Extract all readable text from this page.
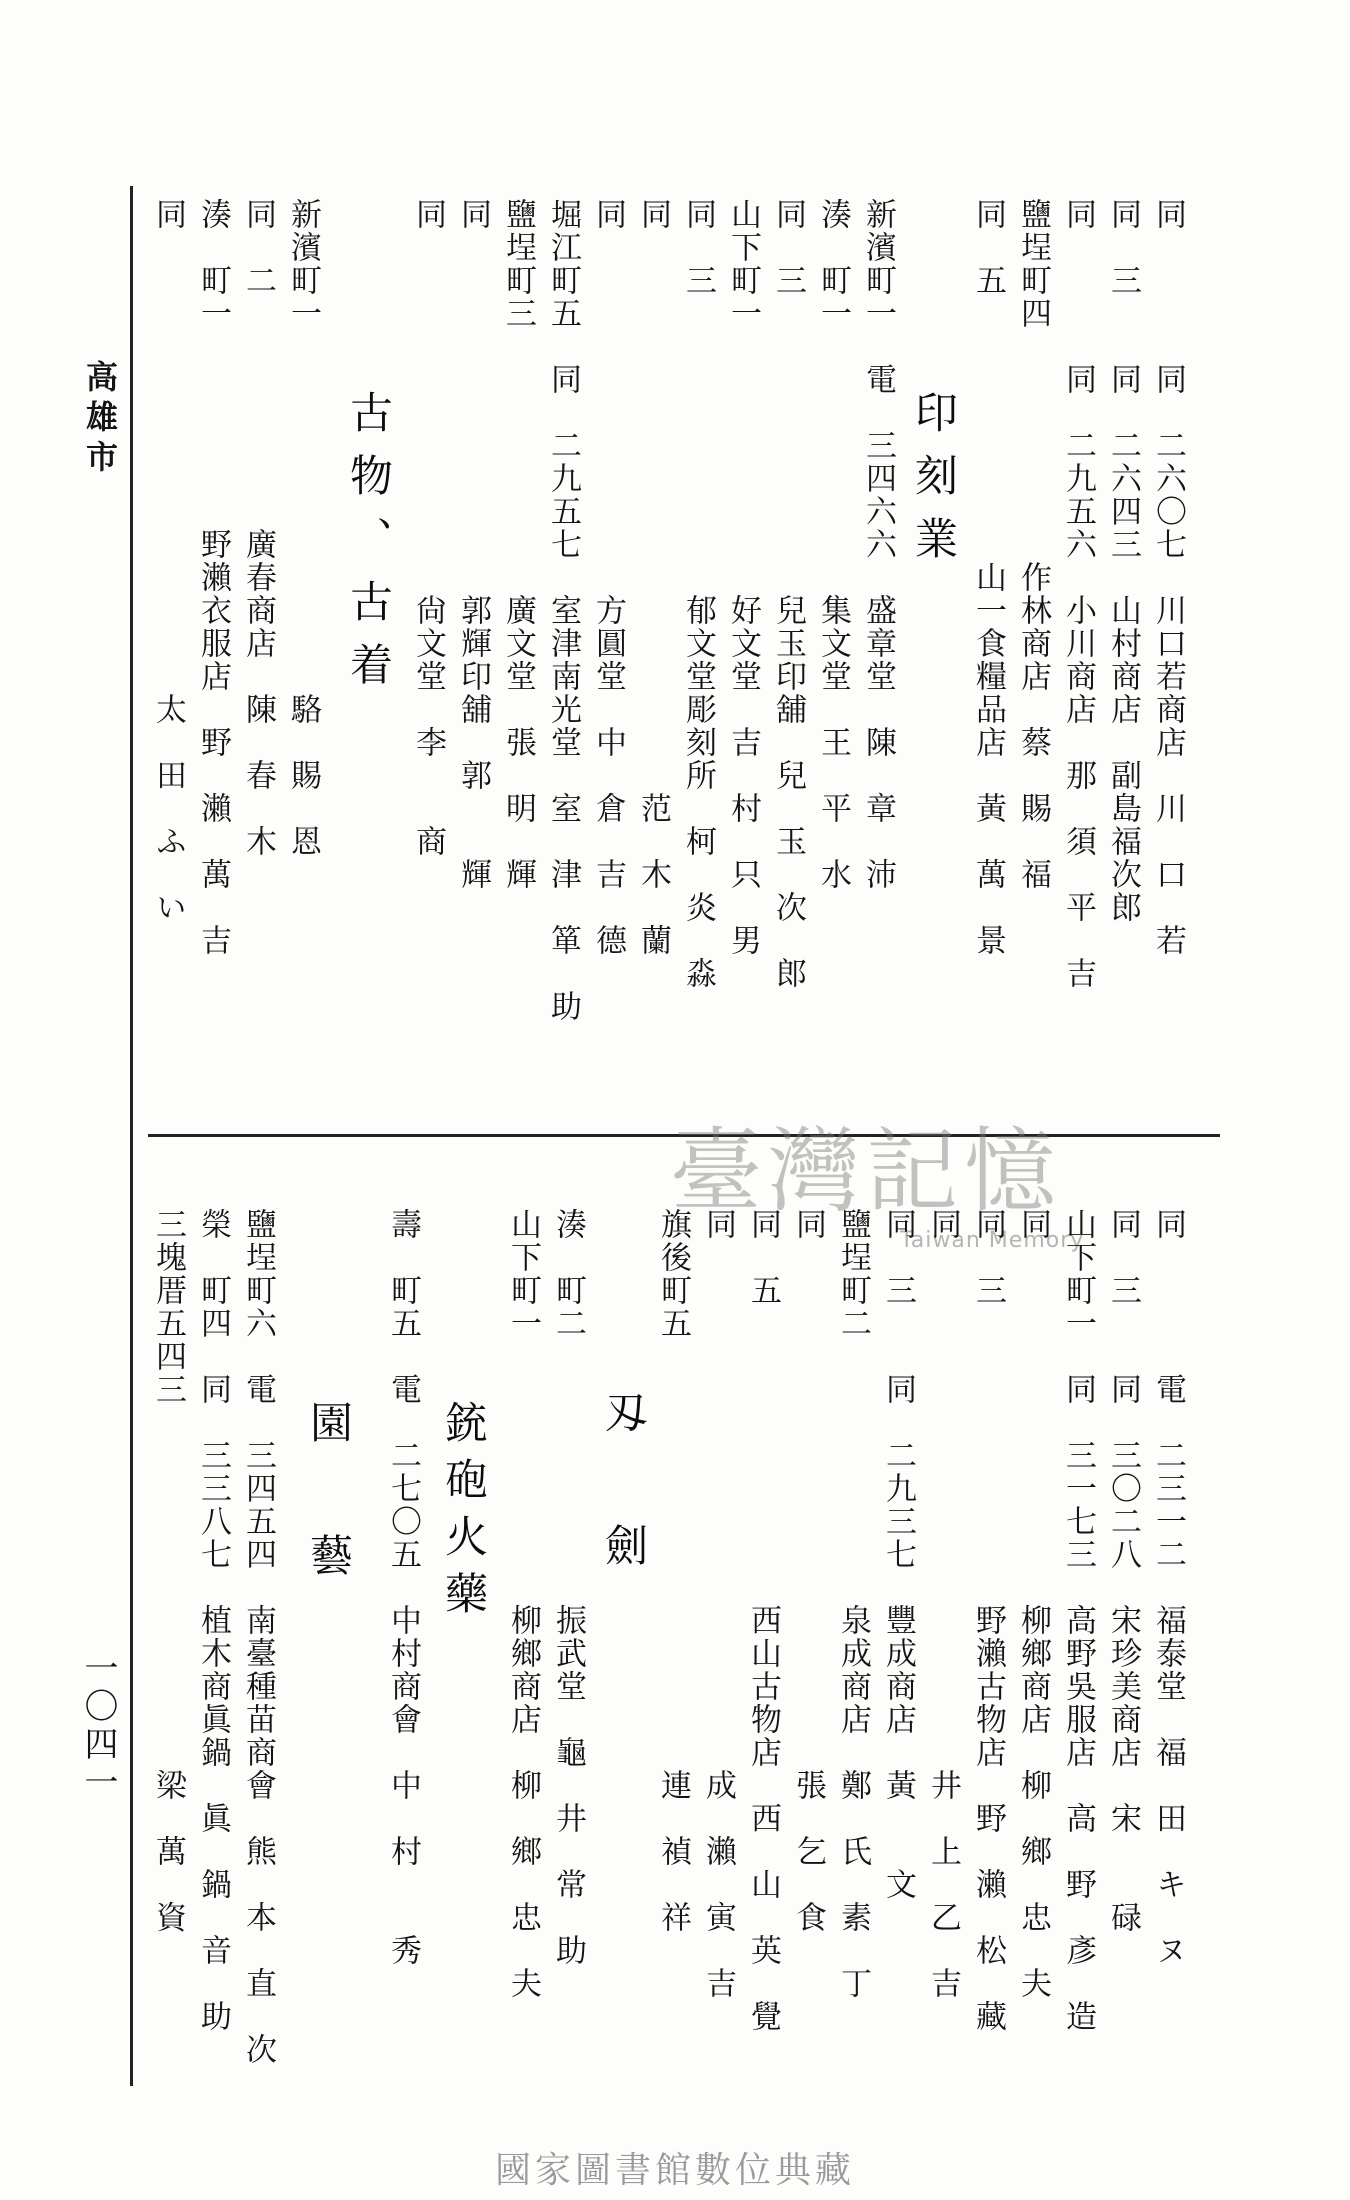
臺灣記憶
Taiwan Memory
高雄市
一〇四一
同　　　　同　二六〇七　川口若商店　川　口　若
同　三　　同　二六四三　山村商店　副島福次郎
同　　　　同　二九五六　小川商店　那　須　平　吉
鹽埕町四　　　　　　　作林商店　蔡　賜　福
同　五　　　　　　　　山一食糧品店　黃　萬　景
印刻業
新濱町一　電　三四六六　盛章堂　陳　章　沛
湊　町一　　　　　　　　集文堂　王　平　水
同　三　　　　　　　　　兒玉印舖　兒　玉　次　郎
山下町一　　　　　　　　好文堂　吉　村　只　男
同　三　　　　　　　　　郁文堂彫刻所　柯　炎　淼
同　　　　　　　　　　　　　　　　　范　木　蘭
同　　　　　　　　　　　方圓堂　中　倉　吉　德
堀江町五　同　二九五七　室津南光堂　室　津　箪　助
鹽埕町三　　　　　　　　廣文堂　張　明　輝
同　　　　　　　　　　　郭輝印舖　郭　　輝
同　　　　　　　　　　　尙文堂　李　　商
古物、古着
新濱町一　　　　　　　　　　　駱　賜　恩
同　二　　　　　　　廣春商店　陳　春　木
湊　町一　　　　　　野瀨衣服店　野　瀨　萬　吉
同　　　　　　　　　　　　　　太　田　ふ　い
同　　　　電　二三一二　福泰堂　福　田　キ　ヌ
同　三　　同　三〇二八　宋珍美商店　宋　　碌
山下町一　同　三一七三　高野吳服店　高　野　彥　造
同　　　　　　　　　　　柳鄉商店　柳　鄉　忠　夫
同　三　　　　　　　　　野瀨古物店　野　瀨　松　藏
同　　　　　　　　　　　　　　　　井　上　乙　吉
同　三　　同　二九三七　豐成商店　黃　　文
鹽埕町二　　　　　　　　泉成商店　鄭　氏　素　丁
同　　　　　　　　　　　　　　　　張　乞　食
同　五　　　　　　　　　西山古物店　西　山　英　覺
同　　　　　　　　　　　　　　　　成　瀨　寅　吉
旗後町五　　　　　　　　　　　　　連　禎　祥
刄劍
湊　町二　　　　　　　　振武堂　龜　井　常　助
山下町一　　　　　　　　柳鄉商店　柳　鄉　忠　夫
銃砲火藥
壽　町五　電　二七〇五　中村商會　中　村　　秀
園藝
鹽埕町六　電　三四五四　南臺種苗商會　熊　本　直　次
榮　町四　同　三三八七　植木商眞鍋　眞　鍋　音　助
三塊厝五四三　　　　　　　　　　　梁　萬　資
國家圖書館數位典藏
